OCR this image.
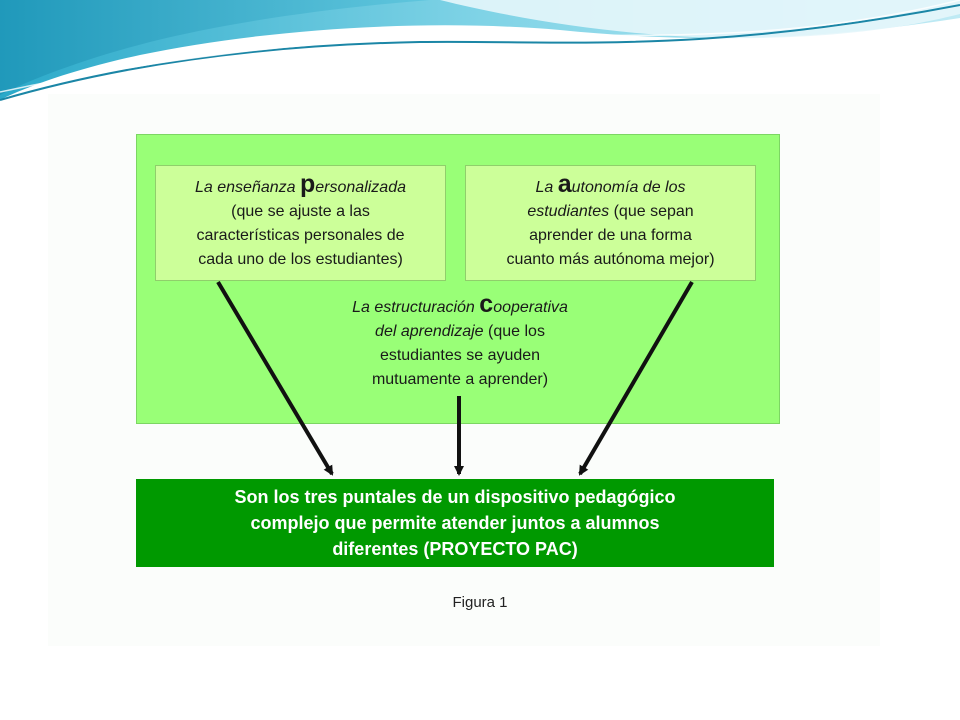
La enseñanza personalizada
(que se ajuste a las
características personales de
cada uno de los estudiantes)
La autonomía de los
estudiantes (que sepan
aprender de una forma
cuanto más autónoma mejor)
La estructuración cooperativa
del aprendizaje (que los
estudiantes se ayuden
mutuamente a aprender)
Son los tres puntales de un dispositivo pedagógico
complejo que permite atender juntos a alumnos
diferentes (PROYECTO PAC)
Figura 1
